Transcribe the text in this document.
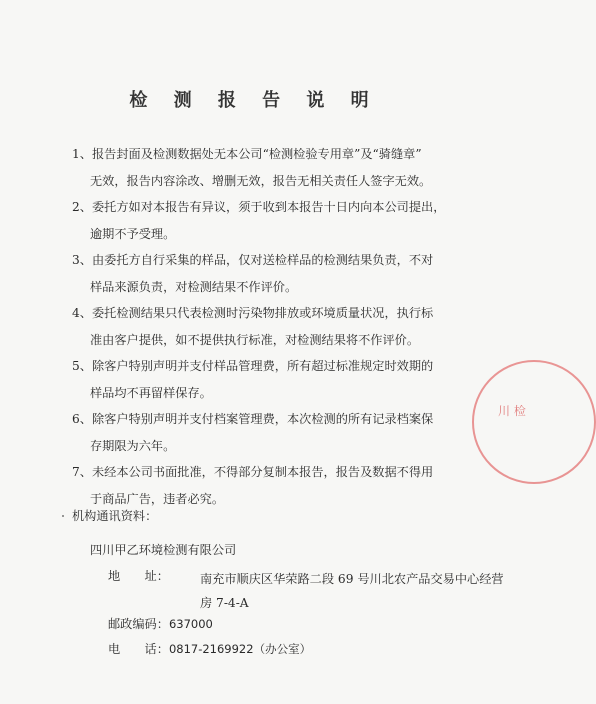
检 测 报 告 说 明
1、报告封面及检测数据处无本公司“检测检验专用章”及“骑缝章”
无效，报告内容涂改、增删无效，报告无相关责任人签字无效。
2、委托方如对本报告有异议，须于收到本报告十日内向本公司提出，
逾期不予受理。
3、由委托方自行采集的样品，仅对送检样品的检测结果负责，不对
样品来源负责，对检测结果不作评价。
4、委托检测结果只代表检测时污染物排放或环境质量状况，执行标
准由客户提供，如不提供执行标准，对检测结果将不作评价。
5、除客户特别声明并支付样品管理费，所有超过标准规定时效期的
样品均不再留样保存。
6、除客户特别声明并支付档案管理费，本次检测的所有记录档案保
存期限为六年。
7、未经本公司书面批准，不得部分复制本报告，报告及数据不得用
于商品广告，违者必究。
机构通讯资料：
四川甲乙环境检测有限公司
地　　址：	南充市顺庆区华荣路二段 69 号川北农产品交易中心经营房 7-4-A
邮政编码：637000
电　　话：0817-2169922（办公室）
川 检
